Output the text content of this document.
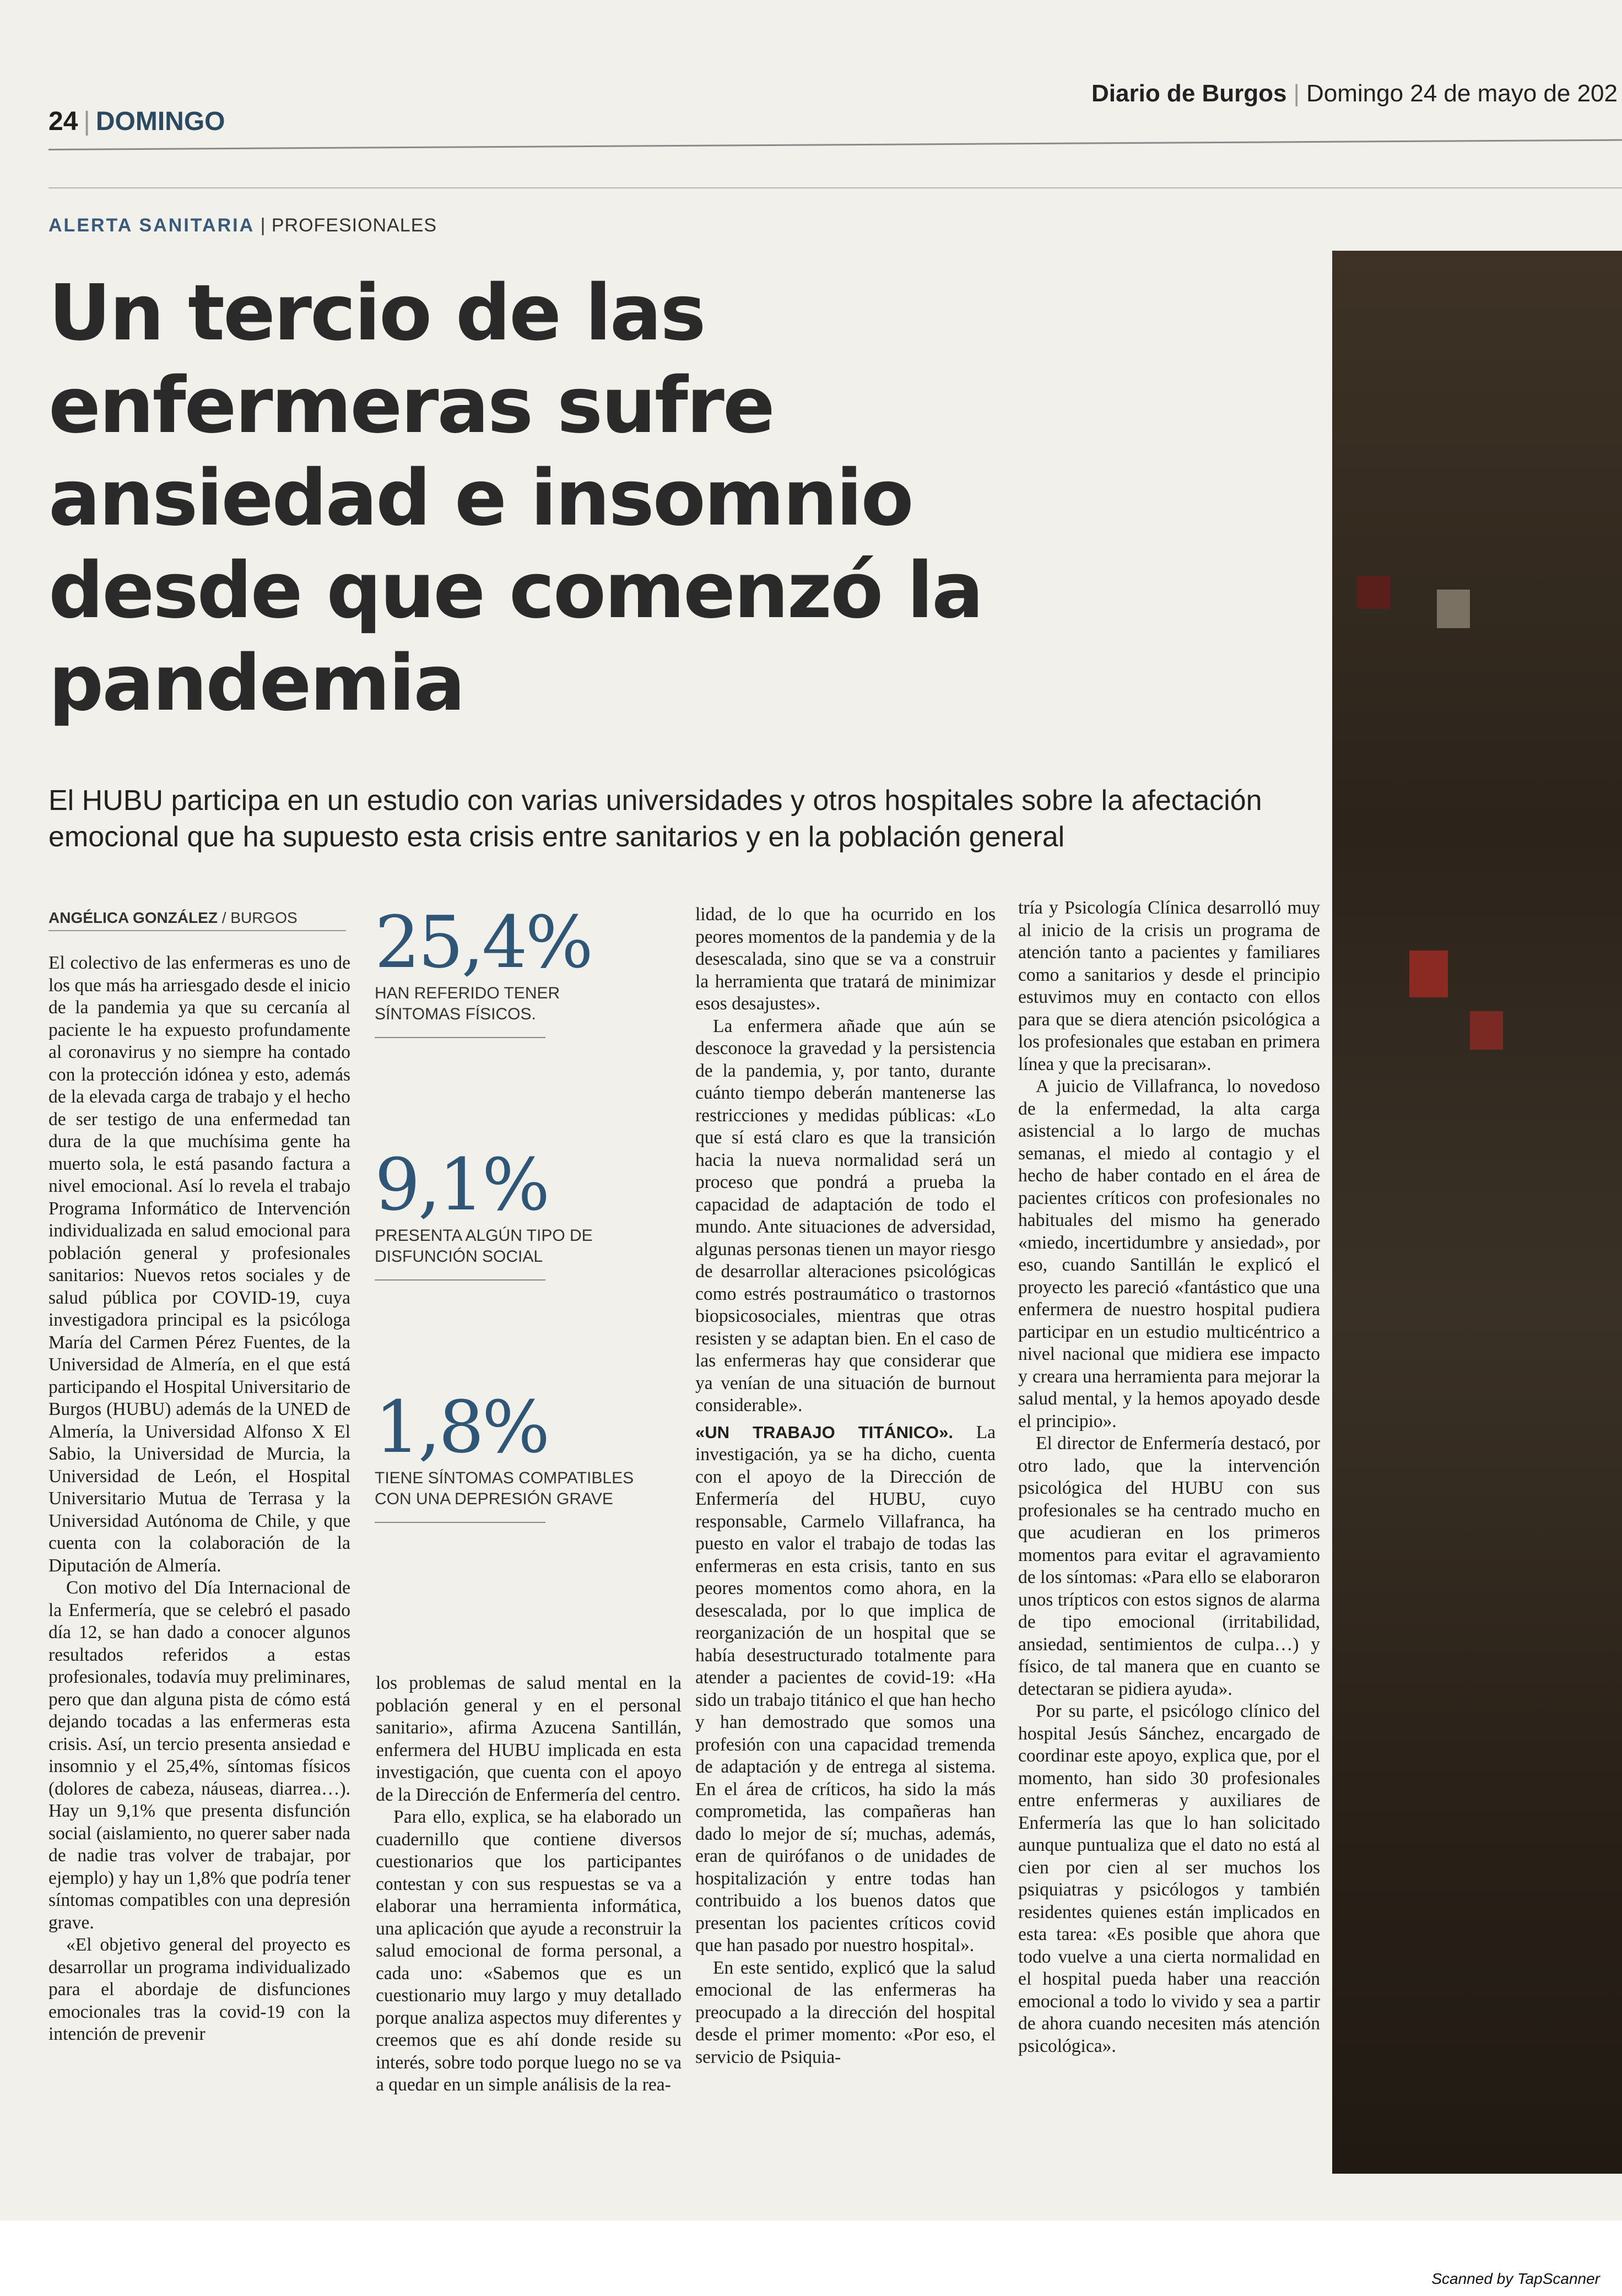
24 | DOMINGO
Diario de Burgos | Domingo 24 de mayo de 202
ALERTA SANITARIA | PROFESIONALES
Un tercio de las enfermeras sufre ansiedad e insomnio desde que comenzó la pandemia
El HUBU participa en un estudio con varias universidades y otros hospitales sobre la afectación emocional que ha supuesto esta crisis entre sanitarios y en la población general
ANGÉLICA GONZÁLEZ / BURGOS	25,4%
HAN REFERIDO TENER SÍNTOMAS FÍSICOS.
9,1%
PRESENTA ALGÚN TIPO DE DISFUNCIÓN SOCIAL
1,8%
TIENE SÍNTOMAS COMPATIBLES CON UNA DEPRESIÓN GRAVE

El colectivo de las enfermeras es uno de los que más ha arriesgado desde el inicio de la pandemia ya que su cercanía al paciente le ha expuesto profundamente al coronavirus y no siempre ha contado con la protección idónea y esto, además de la elevada carga de trabajo y el hecho de ser testigo de una enfermedad tan dura de la que muchísima gente ha muerto sola, le está pasando factura a nivel emocional. Así lo revela el trabajo Programa Informático de Intervención individualizada en salud emocional para población general y profesionales sanitarios: Nuevos retos sociales y de salud pública por COVID-19, cuya investigadora principal es la psicóloga María del Carmen Pérez Fuentes, de la Universidad de Almería, en el que está participando el Hospital Universitario de Burgos (HUBU) además de la UNED de Almería, la Universidad Alfonso X El Sabio, la Universidad de Murcia, la Universidad de León, el Hospital Universitario Mutua de Terrasa y la Universidad Autónoma de Chile, y que cuenta con la colaboración de la Diputación de Almería.

Con motivo del Día Internacional de la Enfermería, que se celebró el pasado día 12, se han dado a conocer algunos resultados referidos a estas profesionales, todavía muy preliminares, pero que dan alguna pista de cómo está dejando tocadas a las enfermeras esta crisis. Así, un tercio presenta ansiedad e insomnio y el 25,4%, síntomas físicos (dolores de cabeza, náuseas, diarrea…). Hay un 9,1% que presenta disfunción social (aislamiento, no querer saber nada de nadie tras volver de trabajar, por ejemplo) y hay un 1,8% que podría tener síntomas compatibles con una depresión grave.

«El objetivo general del proyecto es desarrollar un programa individualizado para el abordaje de disfunciones emocionales tras la covid-19 con la intención de prevenir

los problemas de salud mental en la población general y en el personal sanitario», afirma Azucena Santillán, enfermera del HUBU implicada en esta investigación, que cuenta con el apoyo de la Dirección de Enfermería del centro.

Para ello, explica, se ha elaborado un cuadernillo que contiene diversos cuestionarios que los participantes contestan y con sus respuestas se va a elaborar una herramienta informática, una aplicación que ayude a reconstruir la salud emocional de forma personal, a cada uno: «Sabemos que es un cuestionario muy largo y muy detallado porque analiza aspectos muy diferentes y creemos que es ahí donde reside su interés, sobre todo porque luego no se va a quedar en un simple análisis de la rea-

lidad, de lo que ha ocurrido en los peores momentos de la pandemia y de la desescalada, sino que se va a construir la herramienta que tratará de minimizar esos desajustes».

La enfermera añade que aún se desconoce la gravedad y la persistencia de la pandemia, y, por tanto, durante cuánto tiempo deberán mantenerse las restricciones y medidas públicas: «Lo que sí está claro es que la transición hacia la nueva normalidad será un proceso que pondrá a prueba la capacidad de adaptación de todo el mundo. Ante situaciones de adversidad, algunas personas tienen un mayor riesgo de desarrollar alteraciones psicológicas como estrés postraumático o trastornos biopsicosociales, mientras que otras resisten y se adaptan bien. En el caso de las enfermeras hay que considerar que ya venían de una situación de burnout considerable».

«UN TRABAJO TITÁNICO». La investigación, ya se ha dicho, cuenta con el apoyo de la Dirección de Enfermería del HUBU, cuyo responsable, Carmelo Villafranca, ha puesto en valor el trabajo de todas las enfermeras en esta crisis, tanto en sus peores momentos como ahora, en la desescalada, por lo que implica de reorganización de un hospital que se había desestructurado totalmente para atender a pacientes de covid-19: «Ha sido un trabajo titánico el que han hecho y han demostrado que somos una profesión con una capacidad tremenda de adaptación y de entrega al sistema. En el área de críticos, ha sido la más comprometida, las compañeras han dado lo mejor de sí; muchas, además, eran de quirófanos o de unidades de hospitalización y entre todas han contribuido a los buenos datos que presentan los pacientes críticos covid que han pasado por nuestro hospital».

En este sentido, explicó que la salud emocional de las enfermeras ha preocupado a la dirección del hospital desde el primer momento: «Por eso, el servicio de Psiquia-

tría y Psicología Clínica desarrolló muy al inicio de la crisis un programa de atención tanto a pacientes y familiares como a sanitarios y desde el principio estuvimos muy en contacto con ellos para que se diera atención psicológica a los profesionales que estaban en primera línea y que la precisaran».

A juicio de Villafranca, lo novedoso de la enfermedad, la alta carga asistencial a lo largo de muchas semanas, el miedo al contagio y el hecho de haber contado en el área de pacientes críticos con profesionales no habituales del mismo ha generado «miedo, incertidumbre y ansiedad», por eso, cuando Santillán le explicó el proyecto les pareció «fantástico que una enfermera de nuestro hospital pudiera participar en un estudio multicéntrico a nivel nacional que midiera ese impacto y creara una herramienta para mejorar la salud mental, y la hemos apoyado desde el principio».

El director de Enfermería destacó, por otro lado, que la intervención psicológica del HUBU con sus profesionales se ha centrado mucho en que acudieran en los primeros momentos para evitar el agravamiento de los síntomas: «Para ello se elaboraron unos trípticos con estos signos de alarma de tipo emocional (irritabilidad, ansiedad, sentimientos de culpa…) y físico, de tal manera que en cuanto se detectaran se pidiera ayuda».

Por su parte, el psicólogo clínico del hospital Jesús Sánchez, encargado de coordinar este apoyo, explica que, por el momento, han sido 30 profesionales entre enfermeras y auxiliares de Enfermería las que lo han solicitado aunque puntualiza que el dato no está al cien por cien al ser muchos los psiquiatras y psicólogos y también residentes quienes están implicados en esta tarea: «Es posible que ahora que todo vuelve a una cierta normalidad en el hospital pueda haber una reacción emocional a todo lo vivido y sea a partir de ahora cuando necesiten más atención psicológica».

Scanned by TapScanner
